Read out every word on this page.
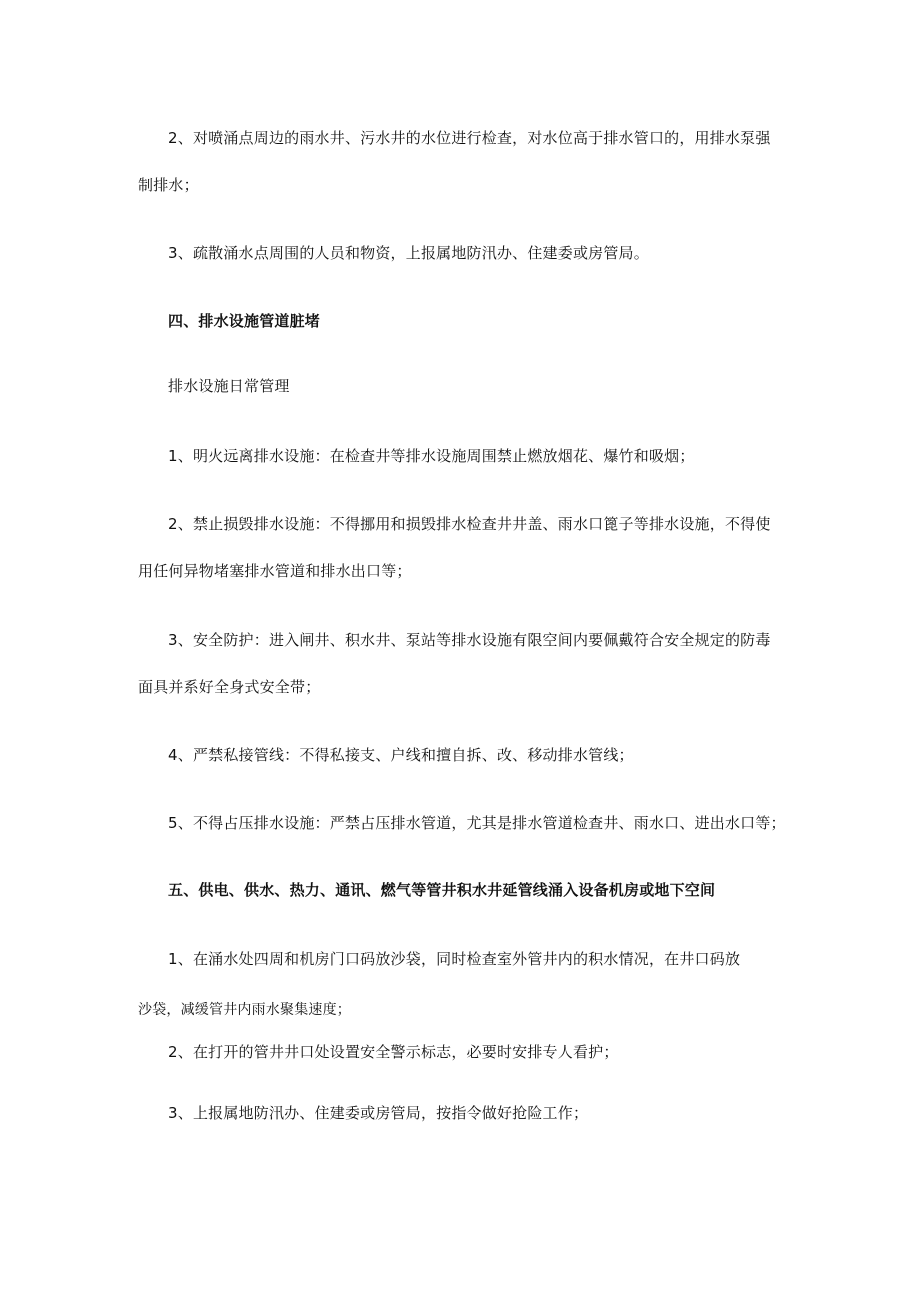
2、对喷涌点周边的雨水井、污水井的水位进行检查，对水位高于排水管口的，用排水泵强
制排水；
3、疏散涌水点周围的人员和物资，上报属地防汛办、住建委或房管局。
四、排水设施管道脏堵
排水设施日常管理
1、明火远离排水设施：在检查井等排水设施周围禁止燃放烟花、爆竹和吸烟；
2、禁止损毁排水设施：不得挪用和损毁排水检查井井盖、雨水口篦子等排水设施，不得使
用任何异物堵塞排水管道和排水出口等；
3、安全防护：进入闸井、积水井、泵站等排水设施有限空间内要佩戴符合安全规定的防毒
面具并系好全身式安全带；
4、严禁私接管线：不得私接支、户线和擅自拆、改、移动排水管线；
5、不得占压排水设施：严禁占压排水管道，尤其是排水管道检查井、雨水口、进出水口等；
五、供电、供水、热力、通讯、燃气等管井积水井延管线涌入设备机房或地下空间
1、在涌水处四周和机房门口码放沙袋，同时检查室外管井内的积水情况，在井口码放
沙袋，减缓管井内雨水聚集速度；
2、在打开的管井井口处设置安全警示标志，必要时安排专人看护；
3、上报属地防汛办、住建委或房管局，按指令做好抢险工作；
